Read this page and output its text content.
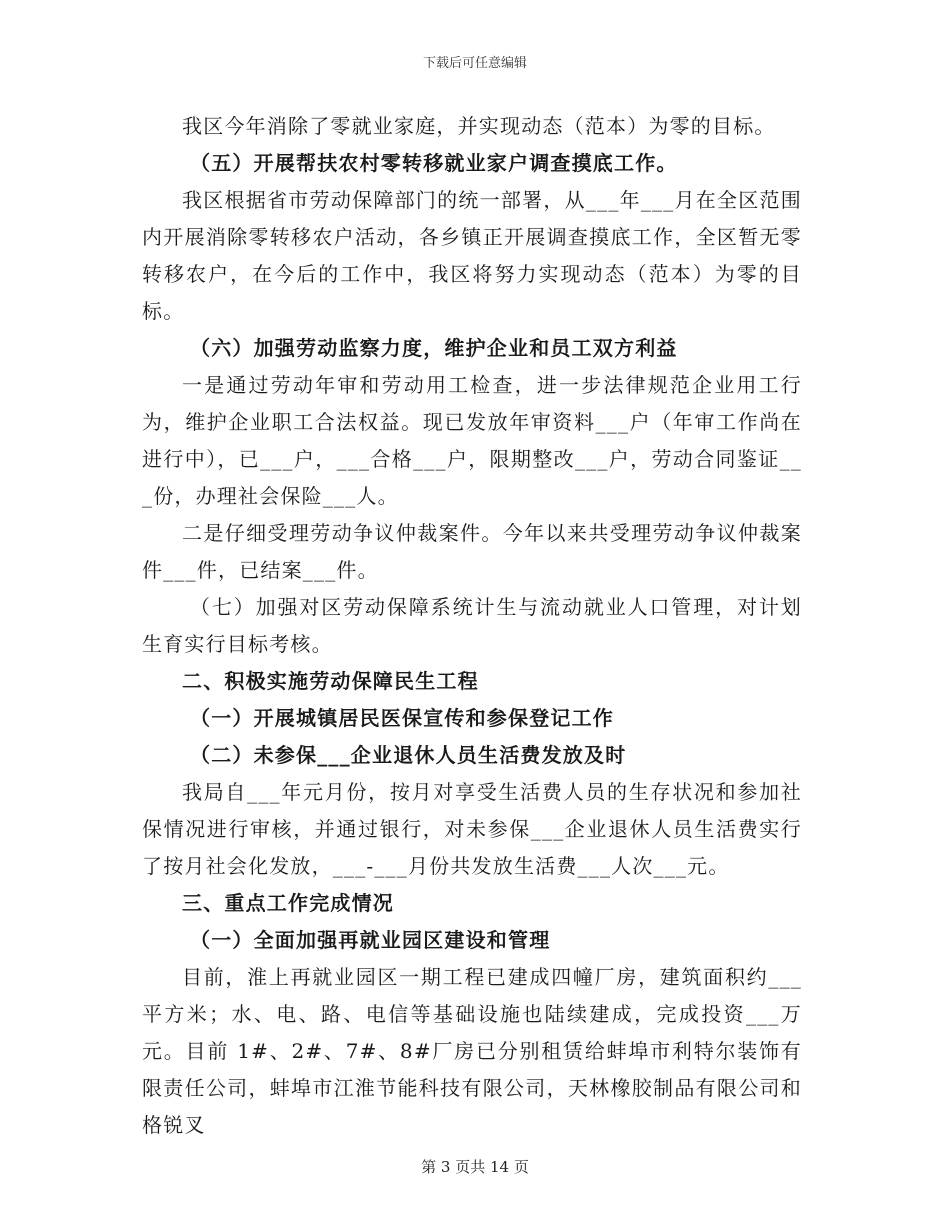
下载后可任意编辑

我区今年消除了零就业家庭，并实现动态（范本）为零的目标。

（五）开展帮扶农村零转移就业家户调查摸底工作。

我区根据省市劳动保障部门的统一部署，从___年___月在全区范围内开展消除零转移农户活动，各乡镇正开展调查摸底工作，全区暂无零转移农户，在今后的工作中，我区将努力实现动态（范本）为零的目标。

（六）加强劳动监察力度，维护企业和员工双方利益

一是通过劳动年审和劳动用工检查，进一步法律规范企业用工行为，维护企业职工合法权益。现已发放年审资料___户（年审工作尚在进行中），已___户，___合格___户，限期整改___户，劳动合同鉴证___份，办理社会保险___人。

二是仔细受理劳动争议仲裁案件。今年以来共受理劳动争议仲裁案件___件，已结案___件。

（七）加强对区劳动保障系统计生与流动就业人口管理，对计划生育实行目标考核。

二、积极实施劳动保障民生工程

（一）开展城镇居民医保宣传和参保登记工作

（二）未参保___企业退休人员生活费发放及时

我局自___年元月份，按月对享受生活费人员的生存状况和参加社保情况进行审核，并通过银行，对未参保___企业退休人员生活费实行了按月社会化发放，___-___月份共发放生活费___人次___元。

三、重点工作完成情况

（一）全面加强再就业园区建设和管理

目前，淮上再就业园区一期工程已建成四幢厂房，建筑面积约___平方米；水、电、路、电信等基础设施也陆续建成，完成投资___万元。目前 1#、2#、7#、8#厂房已分别租赁给蚌埠市利特尔装饰有限责任公司，蚌埠市江淮节能科技有限公司，天林橡胶制品有限公司和格锐叉

第 3 页共 14 页
